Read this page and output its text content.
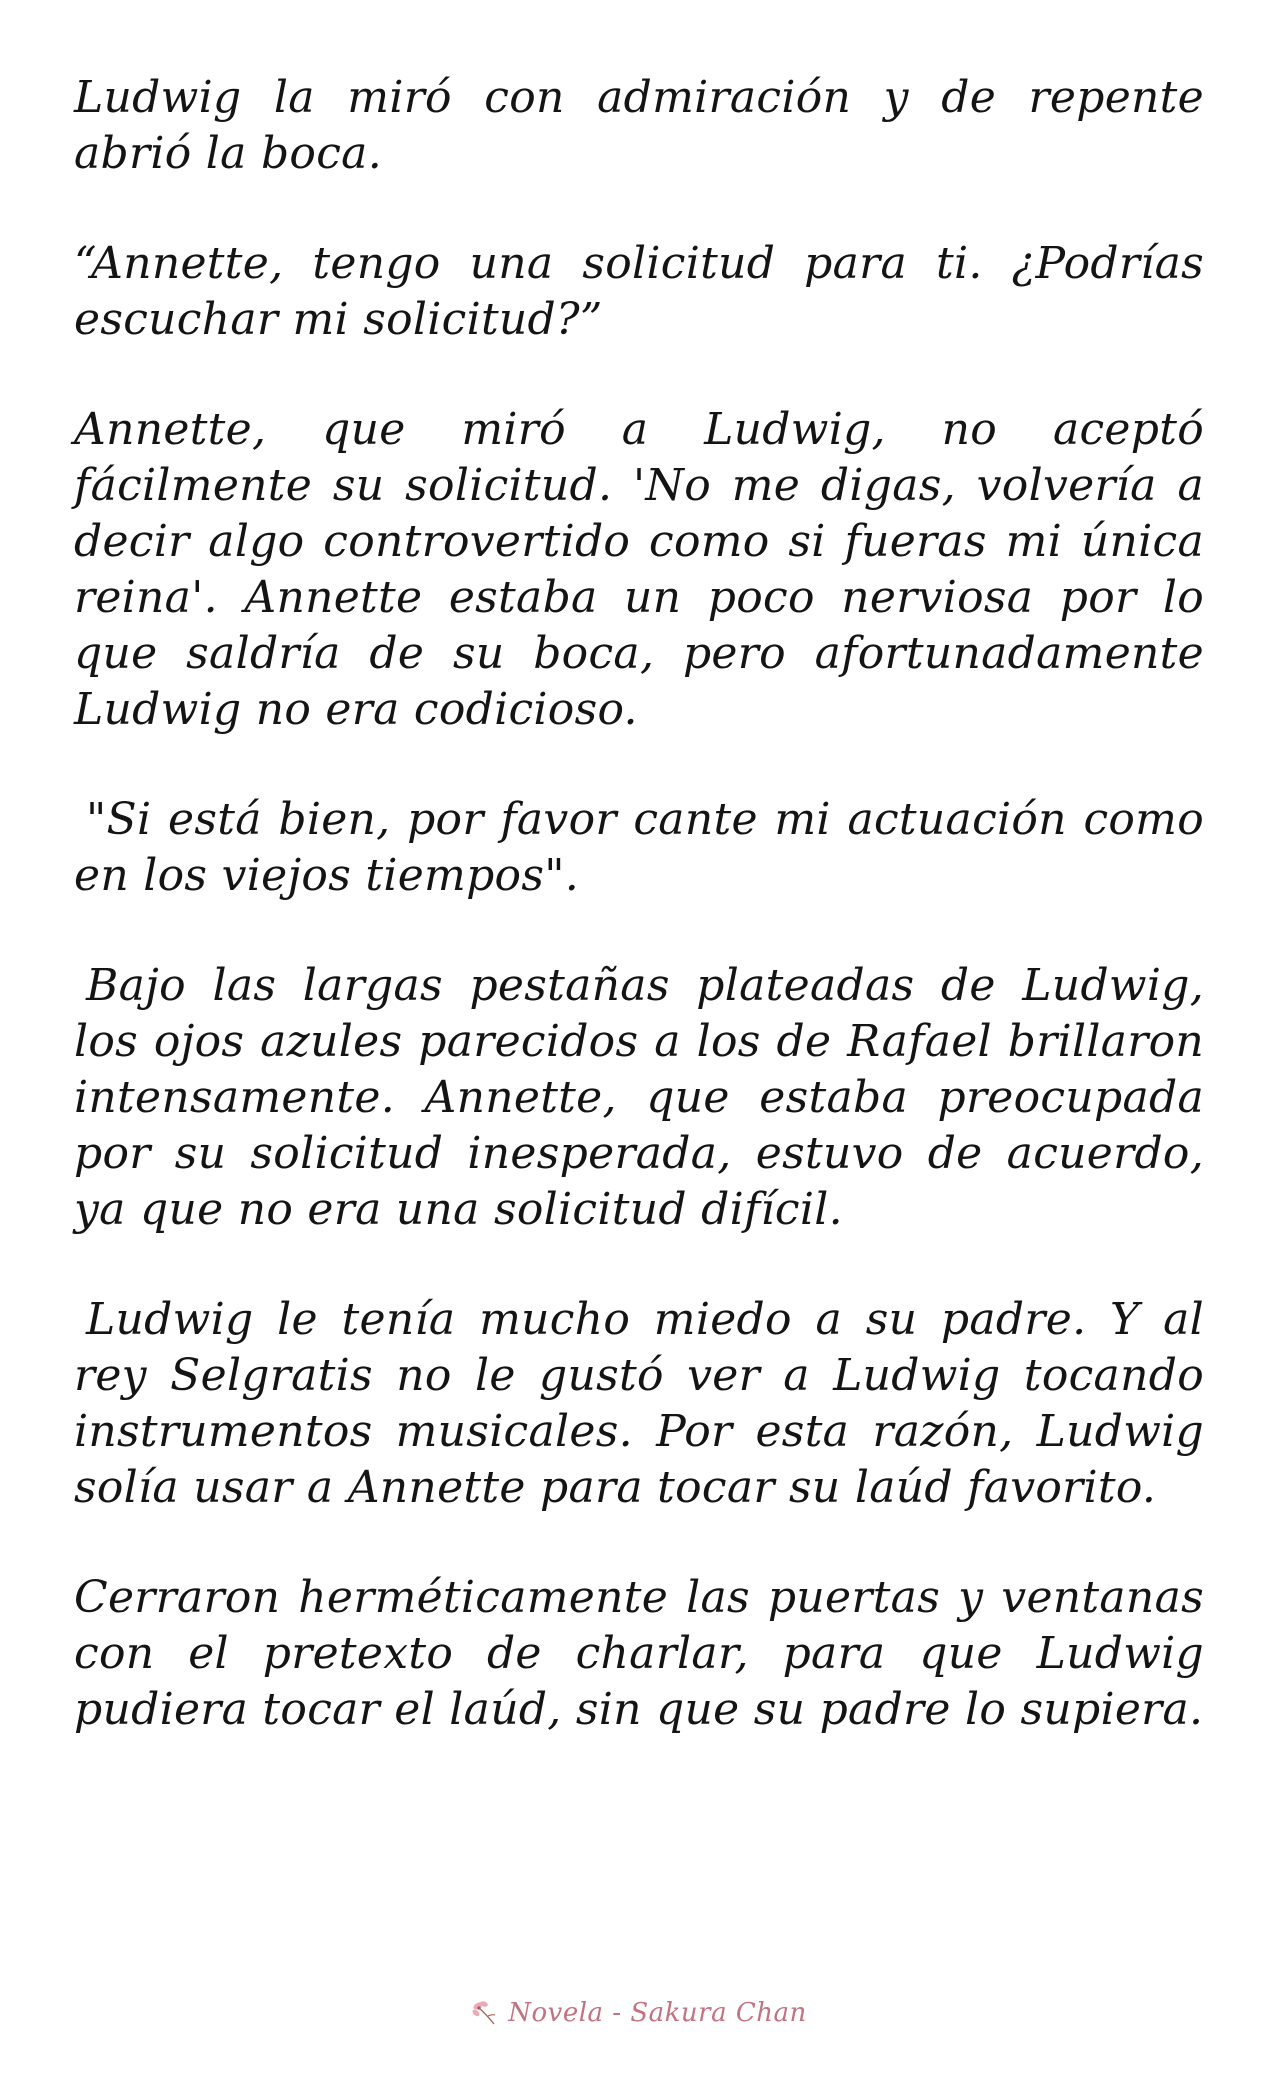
Ludwig la miró con admiración y de repente abrió la boca.

“Annette, tengo una solicitud para ti. ¿Podrías escuchar mi solicitud?”

Annette, que miró a Ludwig, no aceptó fácilmente su solicitud. 'No me digas, volvería a decir algo controvertido como si fueras mi única reina'. Annette estaba un poco nerviosa por lo que saldría de su boca, pero afortunadamente Ludwig no era codicioso.

"Si está bien, por favor cante mi actuación como en los viejos tiempos".

Bajo las largas pestañas plateadas de Ludwig, los ojos azules parecidos a los de Rafael brillaron intensamente. Annette, que estaba preocupada por su solicitud inesperada, estuvo de acuerdo, ya que no era una solicitud difícil.

Ludwig le tenía mucho miedo a su padre. Y al rey Selgratis no le gustó ver a Ludwig tocando instrumentos musicales. Por esta razón, Ludwig solía usar a Annette para tocar su laúd favorito.

Cerraron herméticamente las puertas y ventanas con el pretexto de charlar, para que Ludwig pudiera tocar el laúd, sin que su padre lo supiera.

Novela - Sakura Chan
